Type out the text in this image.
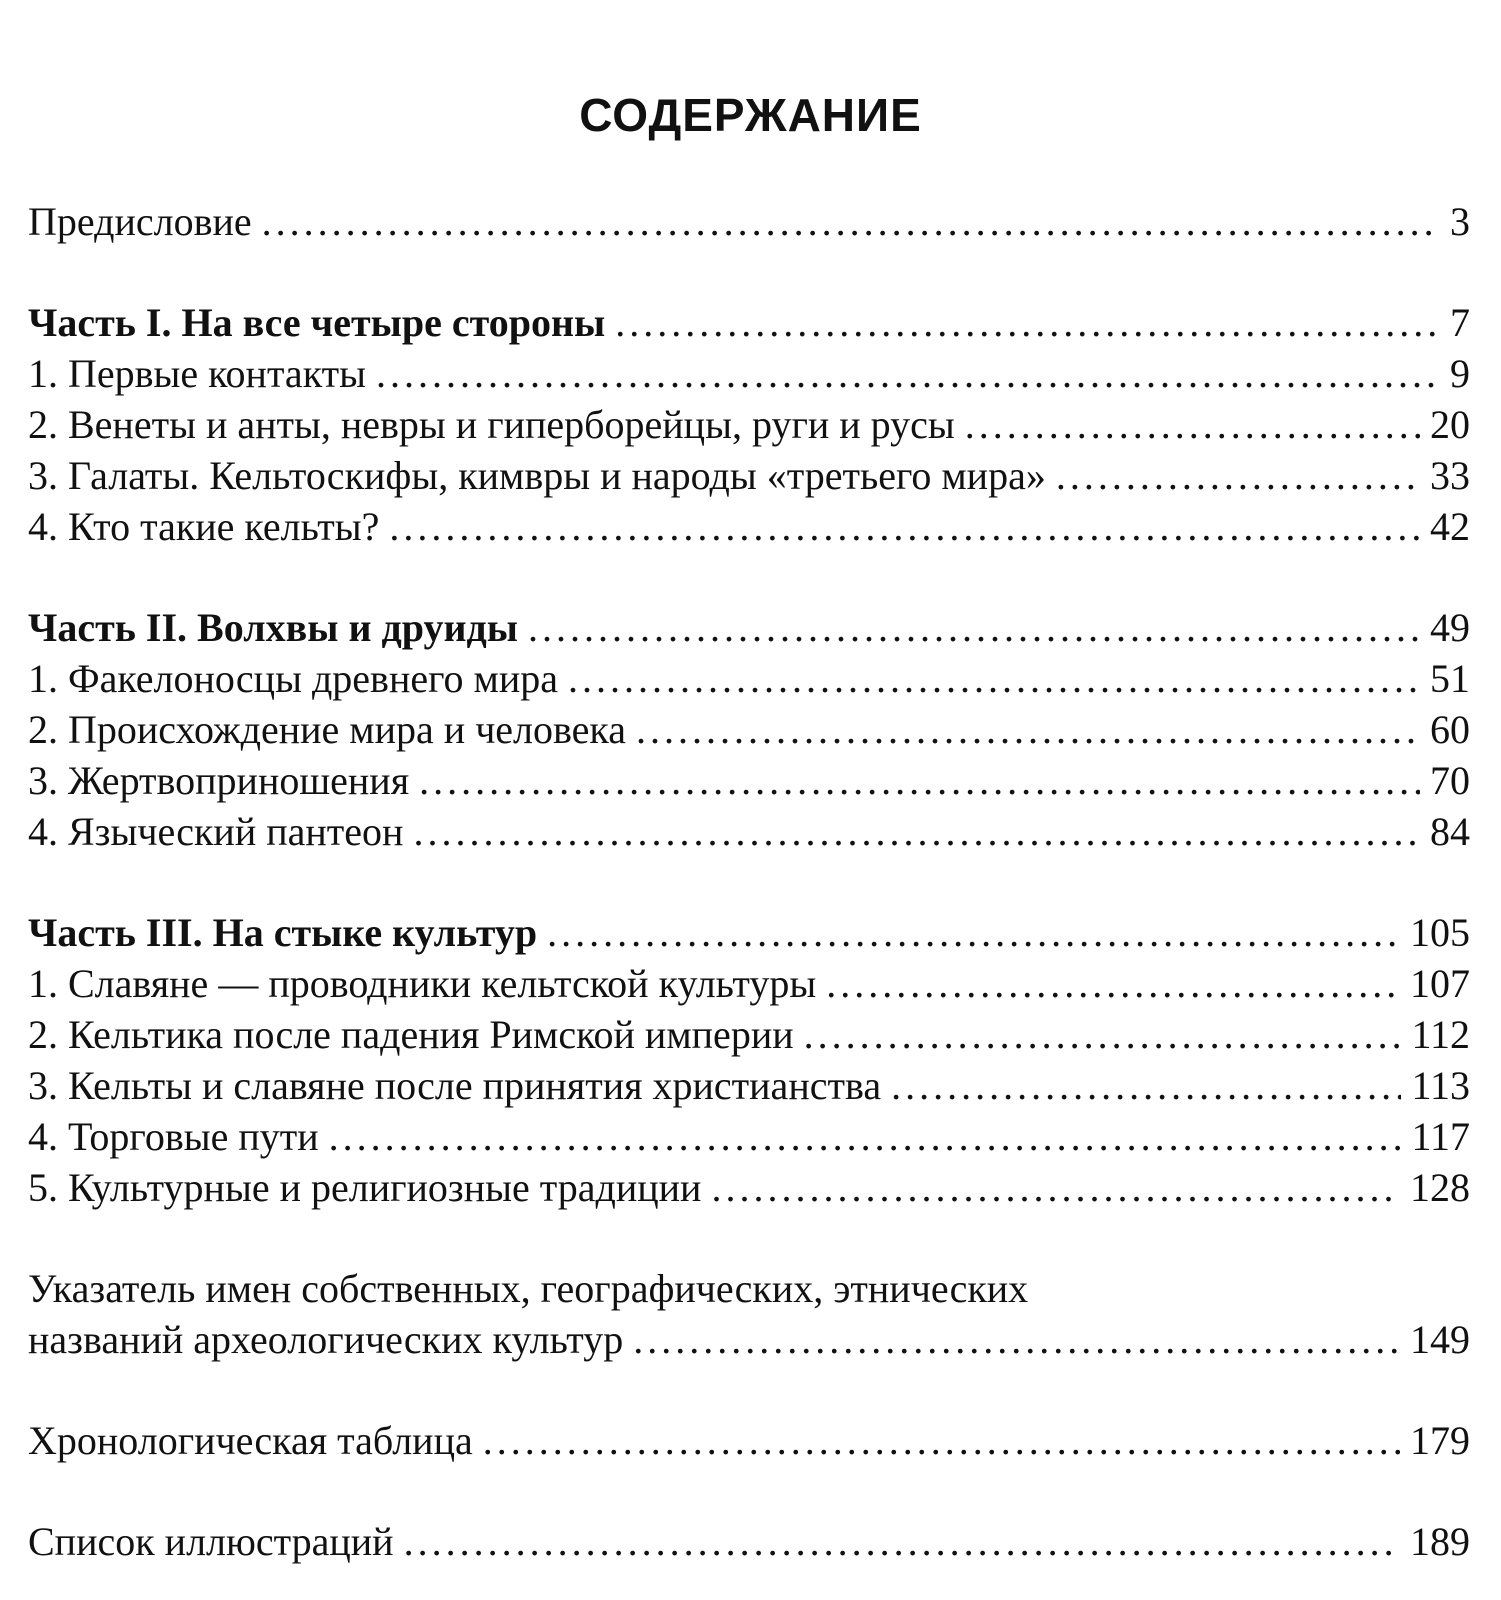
СОДЕРЖАНИЕ
Предисловие . . .	3
Часть I. На все четыре стороны . . .	7
1. Первые контакты . . .	9
2. Венеты и анты, невры и гиперборейцы, руги и русы . . .	20
3. Галаты. Кельтоскифы, кимвры и народы «третьего мира» . . .	33
4. Кто такие кельты? . . .	42
Часть II. Волхвы и друиды . . .	49
1. Факелоносцы древнего мира . . .	51
2. Происхождение мира и человека . . .	60
3. Жертвоприношения . . .	70
4. Языческий пантеон . . .	84
Часть III. На стыке культур . . .	105
1. Славяне — проводники кельтской культуры . . .	107
2. Кельтика после падения Римской империи . . .	112
3. Кельты и славяне после принятия христианства . . .	113
4. Торговые пути . . .	117
5. Культурные и религиозные традиции . . .	128
Указатель имен собственных, географических, этнических
названий археологических культур . . .	149
Хронологическая таблица . . .	179
Список иллюстраций . . .	189
